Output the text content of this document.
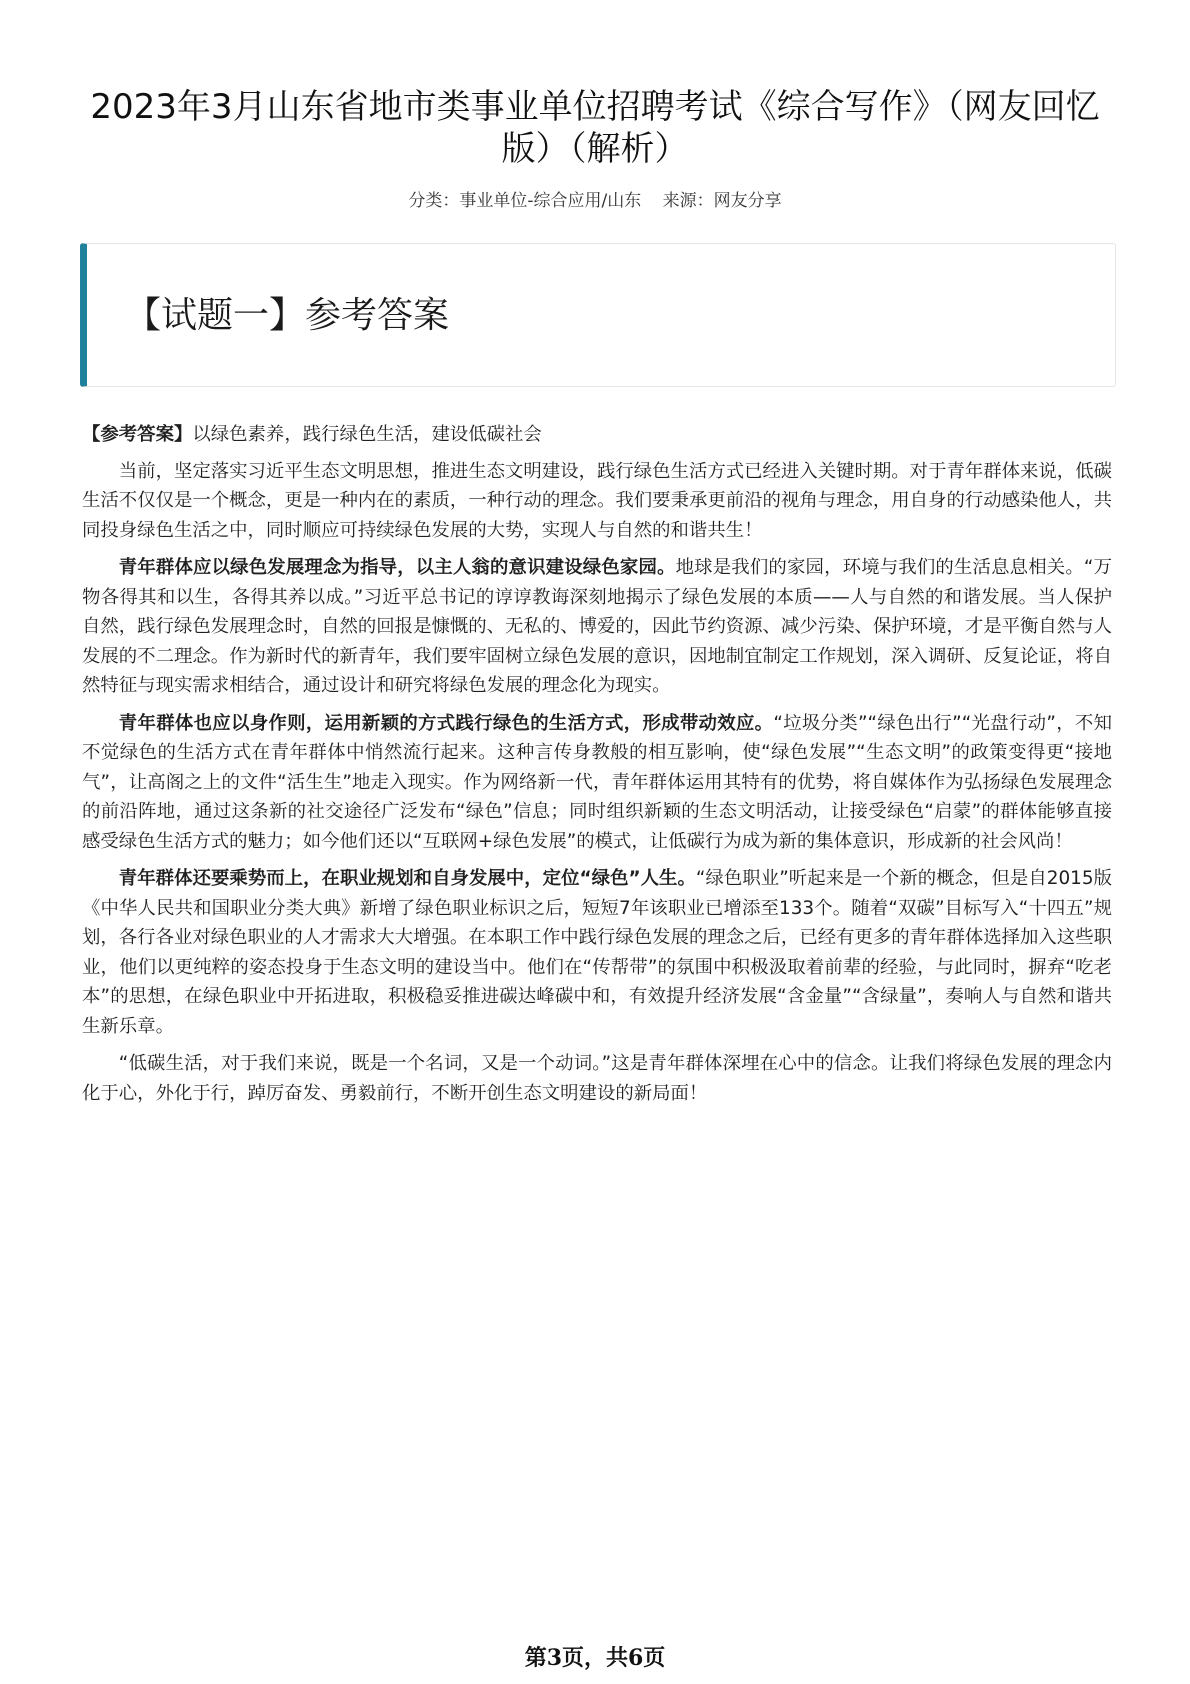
2023年3月山东省地市类事业单位招聘考试《综合写作》（网友回忆版）（解析）
分类：事业单位-综合应用/山东 来源：网友分享
【试题一】参考答案

【参考答案】以绿色素养，践行绿色生活，建设低碳社会

当前，坚定落实习近平生态文明思想，推进生态文明建设，践行绿色生活方式已经进入关键时期。对于青年群体来说，低碳生活不仅仅是一个概念，更是一种内在的素质，一种行动的理念。我们要秉承更前沿的视角与理念，用自身的行动感染他人，共同投身绿色生活之中，同时顺应可持续绿色发展的大势，实现人与自然的和谐共生！

青年群体应以绿色发展理念为指导，以主人翁的意识建设绿色家园。地球是我们的家园，环境与我们的生活息息相关。“万物各得其和以生，各得其养以成。”习近平总书记的谆谆教诲深刻地揭示了绿色发展的本质——人与自然的和谐发展。当人保护自然，践行绿色发展理念时，自然的回报是慷慨的、无私的、博爱的，因此节约资源、减少污染、保护环境，才是平衡自然与人发展的不二理念。作为新时代的新青年，我们要牢固树立绿色发展的意识，因地制宜制定工作规划，深入调研、反复论证，将自然特征与现实需求相结合，通过设计和研究将绿色发展的理念化为现实。

青年群体也应以身作则，运用新颖的方式践行绿色的生活方式，形成带动效应。“垃圾分类”“绿色出行”“光盘行动”，不知不觉绿色的生活方式在青年群体中悄然流行起来。这种言传身教般的相互影响，使“绿色发展”“生态文明”的政策变得更“接地气”，让高阁之上的文件“活生生”地走入现实。作为网络新一代，青年群体运用其特有的优势，将自媒体作为弘扬绿色发展理念的前沿阵地，通过这条新的社交途径广泛发布“绿色”信息；同时组织新颖的生态文明活动，让接受绿色“启蒙”的群体能够直接感受绿色生活方式的魅力；如今他们还以“互联网+绿色发展”的模式，让低碳行为成为新的集体意识，形成新的社会风尚！

青年群体还要乘势而上，在职业规划和自身发展中，定位“绿色”人生。“绿色职业”听起来是一个新的概念，但是自2015版《中华人民共和国职业分类大典》新增了绿色职业标识之后，短短7年该职业已增添至133个。随着“双碳”目标写入“十四五”规划，各行各业对绿色职业的人才需求大大增强。在本职工作中践行绿色发展的理念之后，已经有更多的青年群体选择加入这些职业，他们以更纯粹的姿态投身于生态文明的建设当中。他们在“传帮带”的氛围中积极汲取着前辈的经验，与此同时，摒弃“吃老本”的思想，在绿色职业中开拓进取，积极稳妥推进碳达峰碳中和，有效提升经济发展“含金量”“含绿量”，奏响人与自然和谐共生新乐章。

“低碳生活，对于我们来说，既是一个名词，又是一个动词。”这是青年群体深埋在心中的信念。让我们将绿色发展的理念内化于心，外化于行，踔厉奋发、勇毅前行，不断开创生态文明建设的新局面！

第3页，共6页
